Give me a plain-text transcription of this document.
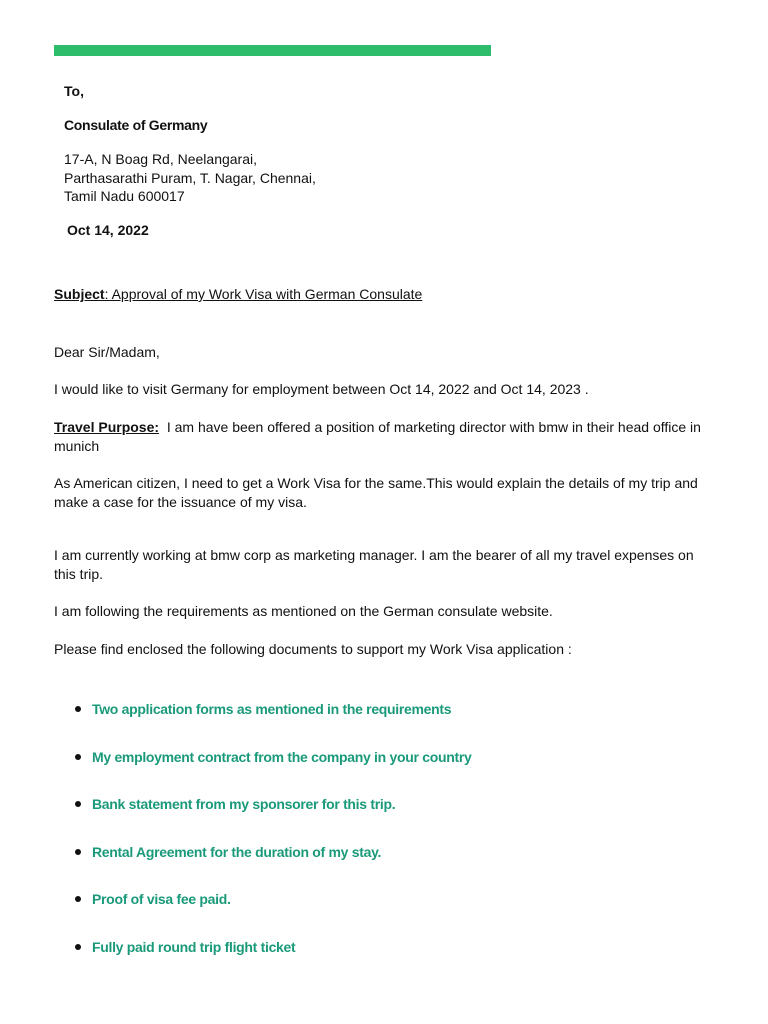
To,
Consulate of Germany
17-A, N Boag Rd, Neelangarai,
Parthasarathi Puram, T. Nagar, Chennai,
Tamil Nadu 600017
Oct 14, 2022
Subject: Approval of my Work Visa with German Consulate
Dear Sir/Madam,
I would like to visit Germany for employment between Oct 14, 2022 and Oct 14, 2023 .
Travel Purpose:  I am have been offered a position of marketing director with bmw in their head office in munich
As American citizen, I need to get a Work Visa for the same.This would explain the details of my trip and make a case for the issuance of my visa.
I am currently working at bmw corp as marketing manager. I am the bearer of all my travel expenses on this trip.
I am following the requirements as mentioned on the German consulate website.
Please find enclosed the following documents to support my Work Visa application :
Two application forms as mentioned in the requirements
My employment contract from the company in your country
Bank statement from my sponsorer for this trip.
Rental Agreement for the duration of my stay.
Proof of visa fee paid.
Fully paid round trip flight ticket
